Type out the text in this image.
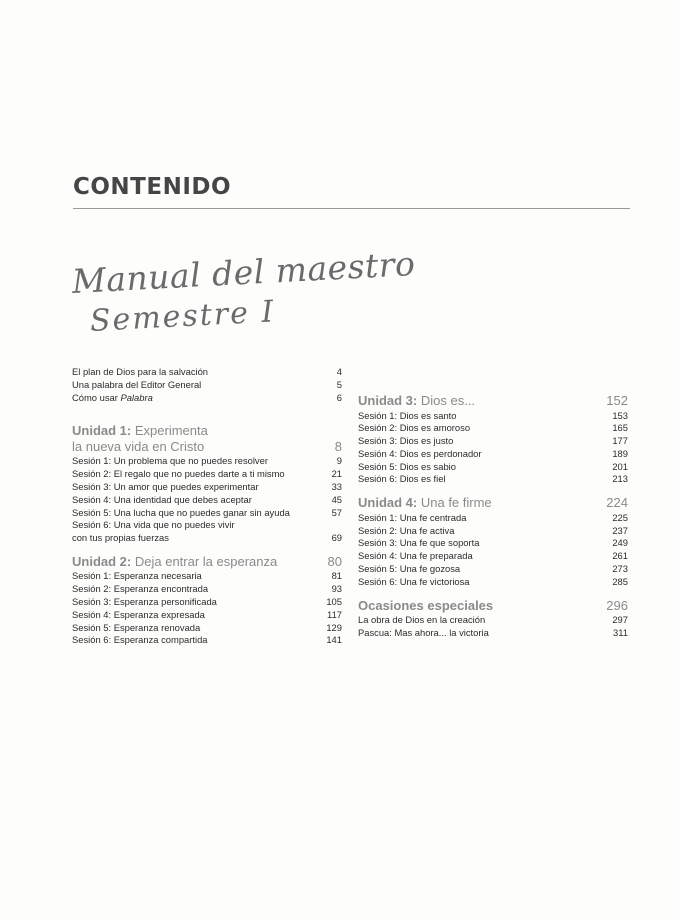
CONTENIDO
Manual del maestro
Semestre I
El plan de Dios para la salvación	4
Una palabra del Editor General	5
Cómo usar Palabra	6
Unidad 1: Experimenta
la nueva vida en Cristo	8
Sesión 1: Un problema que no puedes resolver	9
Sesión 2: El regalo que no puedes darte a ti mismo	21
Sesión 3: Un amor que puedes experimentar	33
Sesión 4: Una identidad que debes aceptar	45
Sesión 5: Una lucha que no puedes ganar sin ayuda	57
Sesión 6: Una vida que no puedes vivir
con tus propias fuerzas	69
Unidad 2: Deja entrar la esperanza	80
Sesión 1: Esperanza necesaria	81
Sesión 2: Esperanza encontrada	93
Sesión 3: Esperanza personificada	105
Sesión 4: Esperanza expresada	117
Sesión 5: Esperanza renovada	129
Sesión 6: Esperanza compartida	141
Unidad 3: Dios es...	152
Sesión 1: Dios es santo	153
Sesión 2: Dios es amoroso	165
Sesión 3: Dios es justo	177
Sesión 4: Dios es perdonador	189
Sesión 5: Dios es sabio	201
Sesión 6: Dios es fiel	213
Unidad 4: Una fe firme	224
Sesión 1: Una fe centrada	225
Sesión 2: Una fe activa	237
Sesión 3: Una fe que soporta	249
Sesión 4: Una fe preparada	261
Sesión 5: Una fe gozosa	273
Sesión 6: Una fe victoriosa	285
Ocasiones especiales	296
La obra de Dios en la creación	297
Pascua: Mas ahora... la victoria	311
